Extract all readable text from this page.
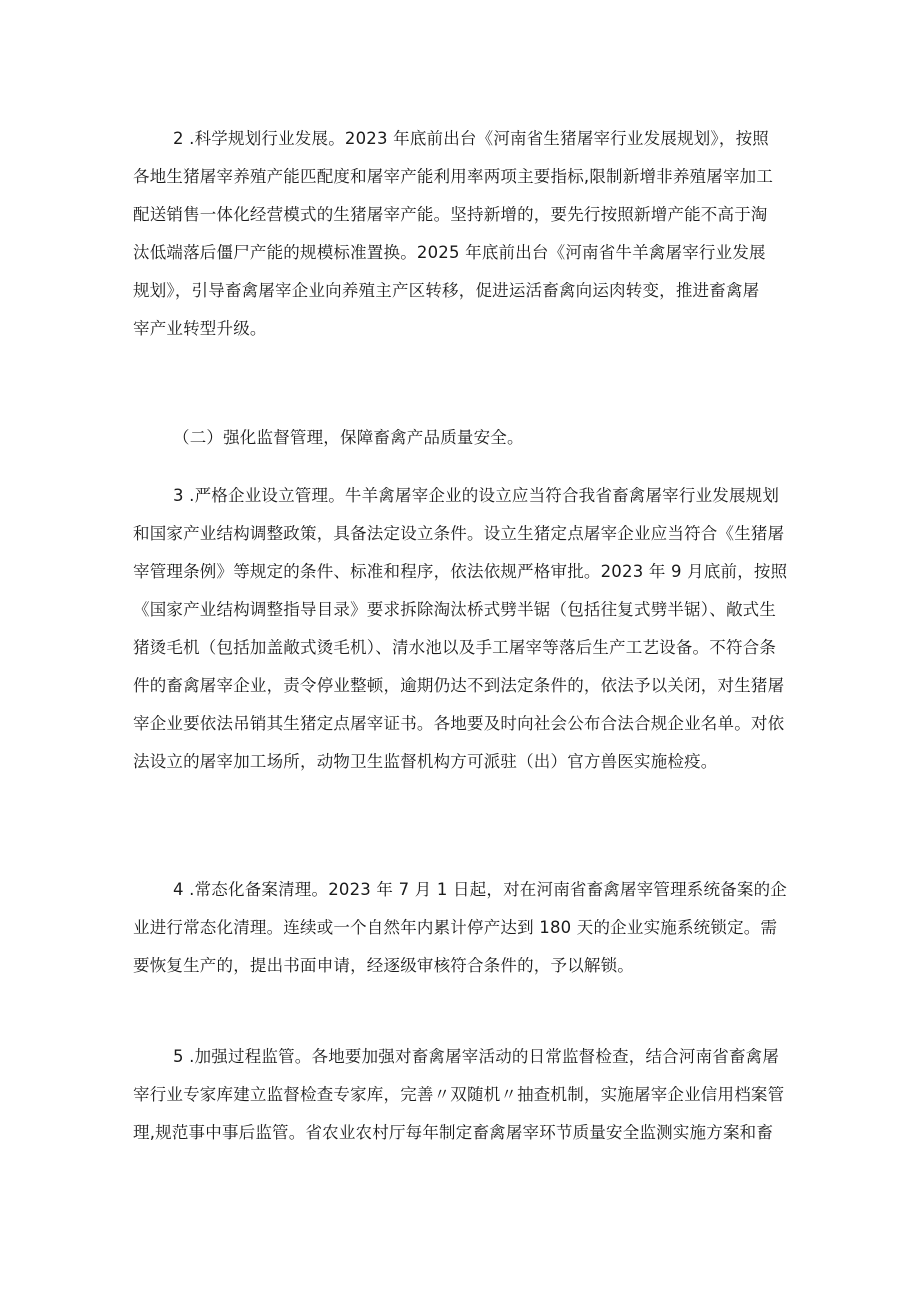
2 .科学规划行业发展。2023 年底前出台《河南省生猪屠宰行业发展规划》，按照
各地生猪屠宰养殖产能匹配度和屠宰产能利用率两项主要指标,限制新增非养殖屠宰加工
配送销售一体化经营模式的生猪屠宰产能。坚持新增的，要先行按照新增产能不高于淘
汰低端落后僵尸产能的规模标准置换。2025 年底前出台《河南省牛羊禽屠宰行业发展
规划》，引导畜禽屠宰企业向养殖主产区转移，促进运活畜禽向运肉转变，推进畜禽屠
宰产业转型升级。

（二）强化监督管理，保障畜禽产品质量安全。

3 .严格企业设立管理。牛羊禽屠宰企业的设立应当符合我省畜禽屠宰行业发展规划
和国家产业结构调整政策，具备法定设立条件。设立生猪定点屠宰企业应当符合《生猪屠
宰管理条例》等规定的条件、标准和程序，依法依规严格审批。2023 年 9 月底前，按照
《国家产业结构调整指导目录》要求拆除淘汰桥式劈半锯（包括往复式劈半锯）、敞式生
猪烫毛机（包括加盖敞式烫毛机）、清水池以及手工屠宰等落后生产工艺设备。不符合条
件的畜禽屠宰企业，责令停业整顿，逾期仍达不到法定条件的，依法予以关闭，对生猪屠
宰企业要依法吊销其生猪定点屠宰证书。各地要及时向社会公布合法合规企业名单。对依
法设立的屠宰加工场所，动物卫生监督机构方可派驻（出）官方兽医实施检疫。

4 .常态化备案清理。2023 年 7 月 1 日起，对在河南省畜禽屠宰管理系统备案的企
业进行常态化清理。连续或一个自然年内累计停产达到 180 天的企业实施系统锁定。需
要恢复生产的，提出书面申请，经逐级审核符合条件的，予以解锁。

5 .加强过程监管。各地要加强对畜禽屠宰活动的日常监督检查，结合河南省畜禽屠
宰行业专家库建立监督检查专家库，完善〃双随机〃抽查机制，实施屠宰企业信用档案管
理,规范事中事后监管。省农业农村厅每年制定畜禽屠宰环节质量安全监测实施方案和畜
